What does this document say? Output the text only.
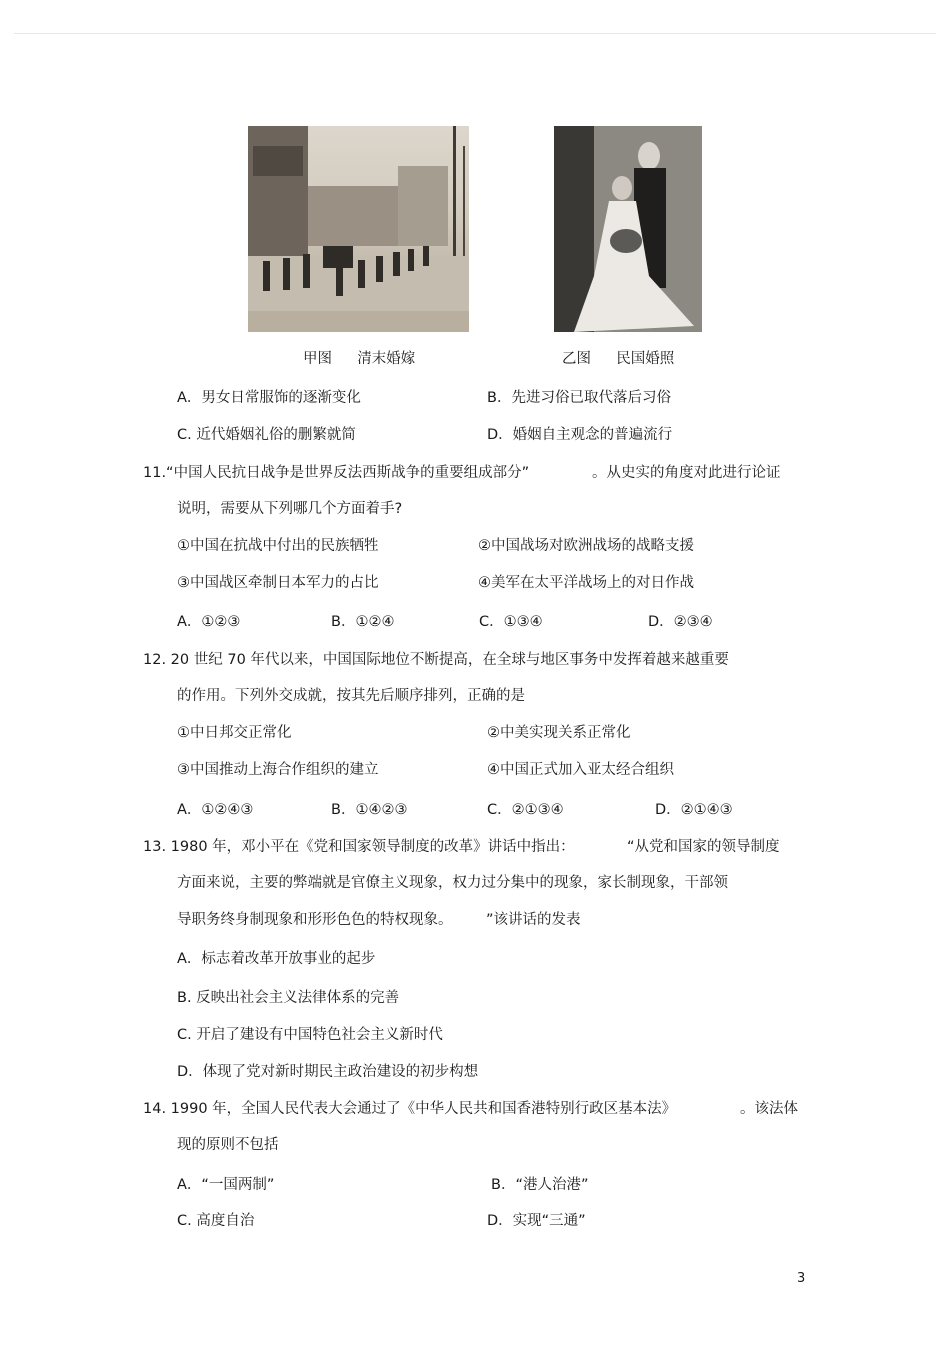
甲图 清末婚嫁	乙图 民国婚照
A．男女日常服饰的逐渐变化	B．先进习俗已取代落后习俗
C. 近代婚姻礼俗的删繁就简	D．婚姻自主观念的普遍流行
11.“中国人民抗日战争是世界反法西斯战争的重要组成部分”	。从史实的角度对此进行论证
说明，需要从下列哪几个方面着手?
①中国在抗战中付出的民族牺牲	②中国战场对欧洲战场的战略支援
③中国战区牵制日本军力的占比	④美军在太平洋战场上的对日作战
A．①②③	B．①②④	C．①③④	D．②③④
12. 20 世纪 70 年代以来，中国国际地位不断提高，在全球与地区事务中发挥着越来越重要
的作用。下列外交成就，按其先后顺序排列，正确的是
①中日邦交正常化	②中美实现关系正常化
③中国推动上海合作组织的建立	④中国正式加入亚太经合组织
A．①②④③	B．①④②③	C．②①③④	D．②①④③
13. 1980 年，邓小平在《党和国家领导制度的改革》讲话中指出：	“从党和国家的领导制度
方面来说，主要的弊端就是官僚主义现象，权力过分集中的现象，家长制现象，干部领
导职务终身制现象和形形色色的特权现象。 ”该讲话的发表
A．标志着改革开放事业的起步
B. 反映出社会主义法律体系的完善
C. 开启了建设有中国特色社会主义新时代
D．体现了党对新时期民主政治建设的初步构想
14. 1990 年，全国人民代表大会通过了《中华人民共和国香港特别行政区基本法》	。该法体
现的原则不包括
A．“一国两制”	B．“港人治港”
C. 高度自治	D．实现“三通”
3
